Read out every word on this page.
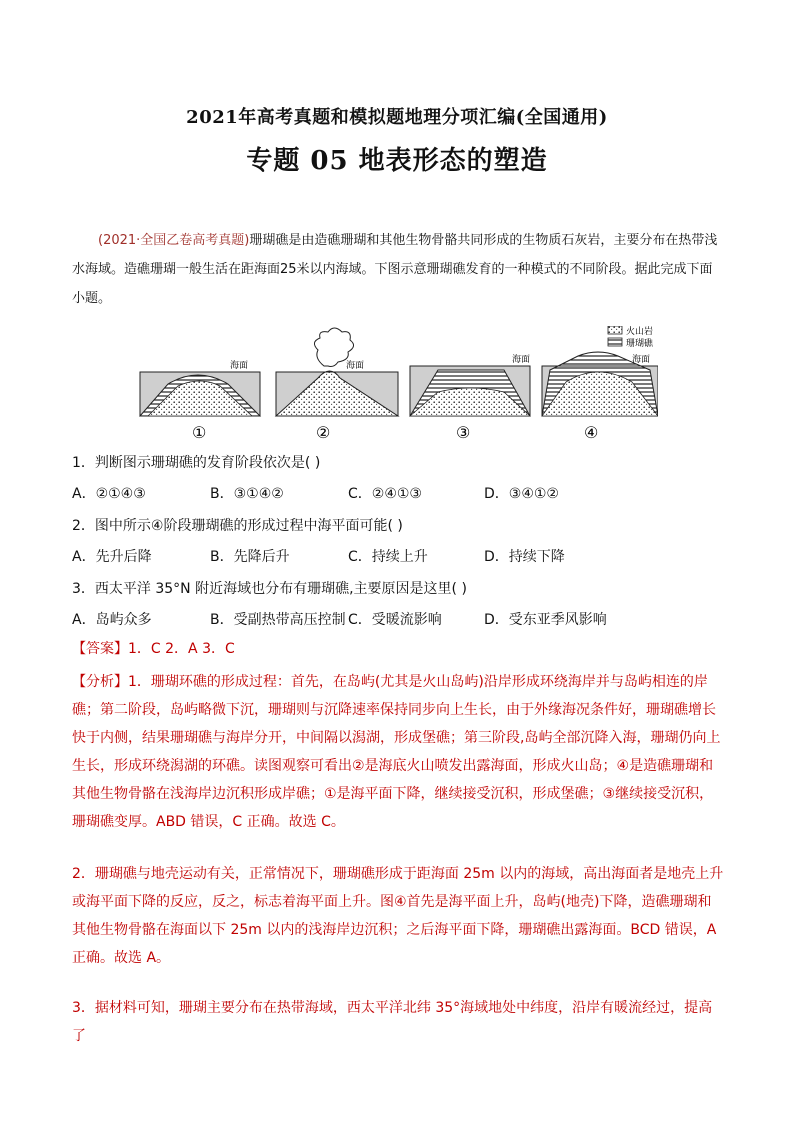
2021年高考真题和模拟题地理分项汇编(全国通用)
专题 05 地表形态的塑造
(2021·全国乙卷高考真题)珊瑚礁是由造礁珊瑚和其他生物骨骼共同形成的生物质石灰岩，主要分布在热带浅水海域。造礁珊瑚一般生活在距海面25米以内海域。下图示意珊瑚礁发育的一种模式的不同阶段。据此完成下面小题。
火山岩
珊瑚礁
海面
①
海面
②
海面
③
海面
④
1．判断图示珊瑚礁的发育阶段依次是( )
A．②①④③	B．③①④②	C．②④①③	D．③④①②
2．图中所示④阶段珊瑚礁的形成过程中海平面可能( )
A．先升后降	B．先降后升	C．持续上升	D．持续下降
3．西太平洋 35°N 附近海域也分布有珊瑚礁,主要原因是这里( )
A．岛屿众多	B．受副热带高压控制 C．受暖流影响	D．受东亚季风影响
【答案】1．C 2．A 3．C
【分析】1．珊瑚环礁的形成过程：首先，在岛屿(尤其是火山岛屿)沿岸形成环绕海岸并与岛屿相连的岸礁；第二阶段，岛屿略微下沉，珊瑚则与沉降速率保持同步向上生长，由于外缘海况条件好，珊瑚礁增长快于内侧，结果珊瑚礁与海岸分开，中间隔以潟湖，形成堡礁；第三阶段,岛屿全部沉降入海，珊瑚仍向上生长，形成环绕潟湖的环礁。读图观察可看出②是海底火山喷发出露海面，形成火山岛；④是造礁珊瑚和其他生物骨骼在浅海岸边沉积形成岸礁；①是海平面下降，继续接受沉积，形成堡礁；③继续接受沉积，珊瑚礁变厚。ABD 错误，C 正确。故选 C。
2．珊瑚礁与地壳运动有关，正常情况下，珊瑚礁形成于距海面 25m 以内的海域，高出海面者是地壳上升或海平面下降的反应，反之，标志着海平面上升。图④首先是海平面上升，岛屿(地壳)下降，造礁珊瑚和其他生物骨骼在海面以下 25m 以内的浅海岸边沉积；之后海平面下降，珊瑚礁出露海面。BCD 错误，A 正确。故选 A。
3．据材料可知，珊瑚主要分布在热带海域，西太平洋北纬 35°海域地处中纬度，沿岸有暖流经过，提高了
